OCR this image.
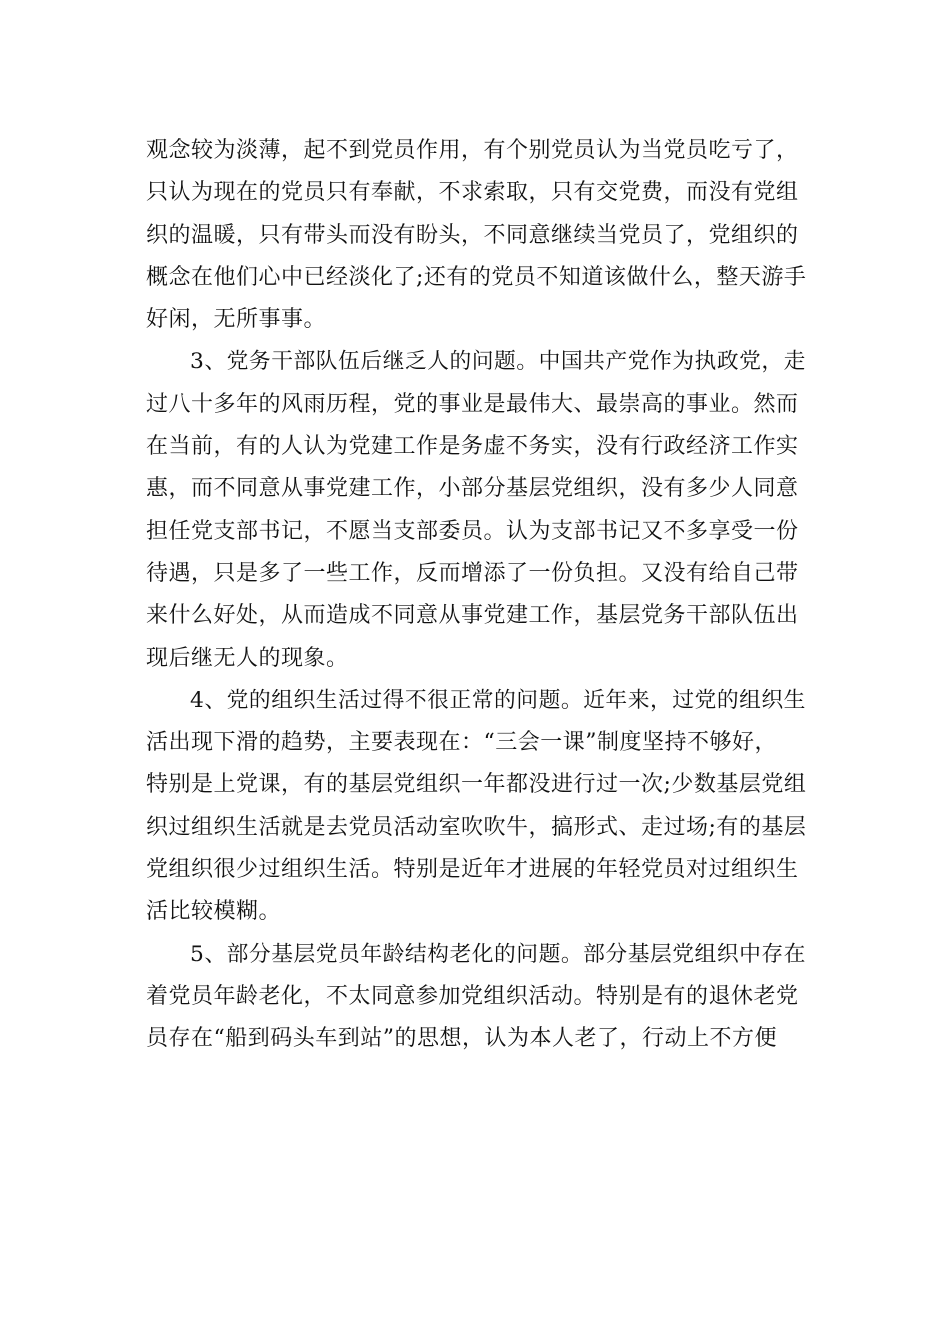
观念较为淡薄，起不到党员作用，有个别党员认为当党员吃亏了，
只认为现在的党员只有奉献，不求索取，只有交党费，而没有党组
织的温暖，只有带头而没有盼头，不同意继续当党员了，党组织的
概念在他们心中已经淡化了;还有的党员不知道该做什么，整天游手
好闲，无所事事。
3、党务干部队伍后继乏人的问题。中国共产党作为执政党，走
过八十多年的风雨历程，党的事业是最伟大、最崇高的事业。然而
在当前，有的人认为党建工作是务虚不务实，没有行政经济工作实
惠，而不同意从事党建工作，小部分基层党组织，没有多少人同意
担任党支部书记，不愿当支部委员。认为支部书记又不多享受一份
待遇，只是多了一些工作，反而增添了一份负担。又没有给自己带
来什么好处，从而造成不同意从事党建工作，基层党务干部队伍出
现后继无人的现象。
4、党的组织生活过得不很正常的问题。近年来，过党的组织生
活出现下滑的趋势，主要表现在：“三会一课”制度坚持不够好，
特别是上党课，有的基层党组织一年都没进行过一次;少数基层党组
织过组织生活就是去党员活动室吹吹牛，搞形式、走过场;有的基层
党组织很少过组织生活。特别是近年才进展的年轻党员对过组织生
活比较模糊。
5、部分基层党员年龄结构老化的问题。部分基层党组织中存在
着党员年龄老化，不太同意参加党组织活动。特别是有的退休老党
员存在“船到码头车到站”的思想，认为本人老了，行动上不方便
